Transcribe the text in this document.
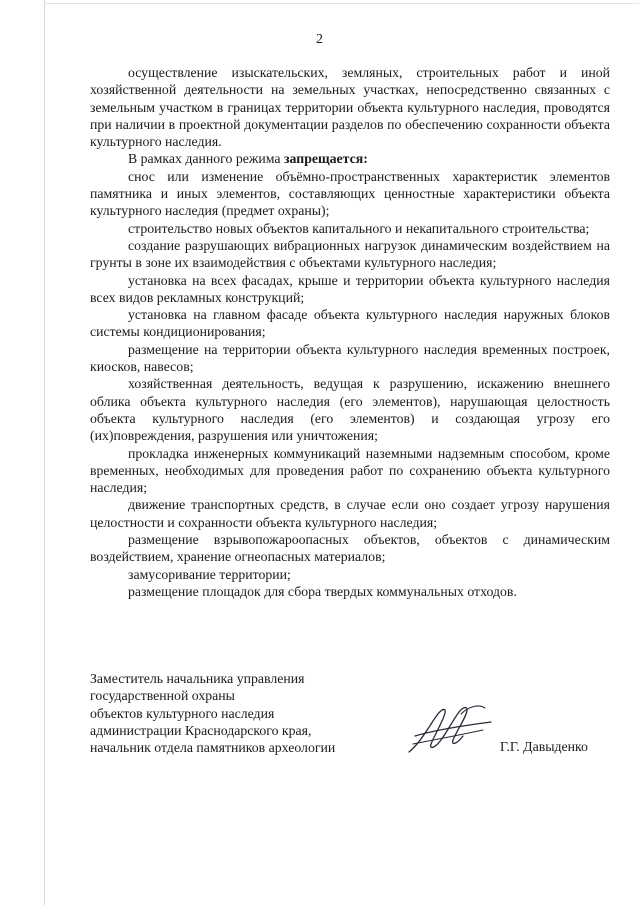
2

осуществление изыскательских, земляных, строительных работ и иной хозяйственной деятельности на земельных участках, непосредственно связанных с земельным участком в границах территории объекта культурного наследия, проводятся при наличии в проектной документации разделов по обеспечению сохранности объекта культурного наследия.

В рамках данного режима запрещается:

снос или изменение объёмно-пространственных характеристик элементов памятника и иных элементов, составляющих ценностные характеристики объекта культурного наследия (предмет охраны);

строительство новых объектов капитального и некапитального строительства;

создание разрушающих вибрационных нагрузок динамическим воздействием на грунты в зоне их взаимодействия с объектами культурного наследия;

установка на всех фасадах, крыше и территории объекта культурного наследия всех видов рекламных конструкций;

установка на главном фасаде объекта культурного наследия наружных блоков системы кондиционирования;

размещение на территории объекта культурного наследия временных построек, киосков, навесов;

хозяйственная деятельность, ведущая к разрушению, искажению внешнего облика объекта культурного наследия (его элементов), нарушающая целостность объекта культурного наследия (его элементов) и создающая угрозу его (их)повреждения, разрушения или уничтожения;

прокладка инженерных коммуникаций наземными надземным способом, кроме временных, необходимых для проведения работ по сохранению объекта культурного наследия;

движение транспортных средств, в случае если оно создает угрозу нарушения целостности и сохранности объекта культурного наследия;

размещение взрывопожароопасных объектов, объектов с динамическим воздействием, хранение огнеопасных материалов;

замусоривание территории;

размещение площадок для сбора твердых коммунальных отходов.

Заместитель начальника управления
государственной охраны
объектов культурного наследия
администрации Краснодарского края,
начальник отдела памятников археологии	Г.Г. Давыденко
